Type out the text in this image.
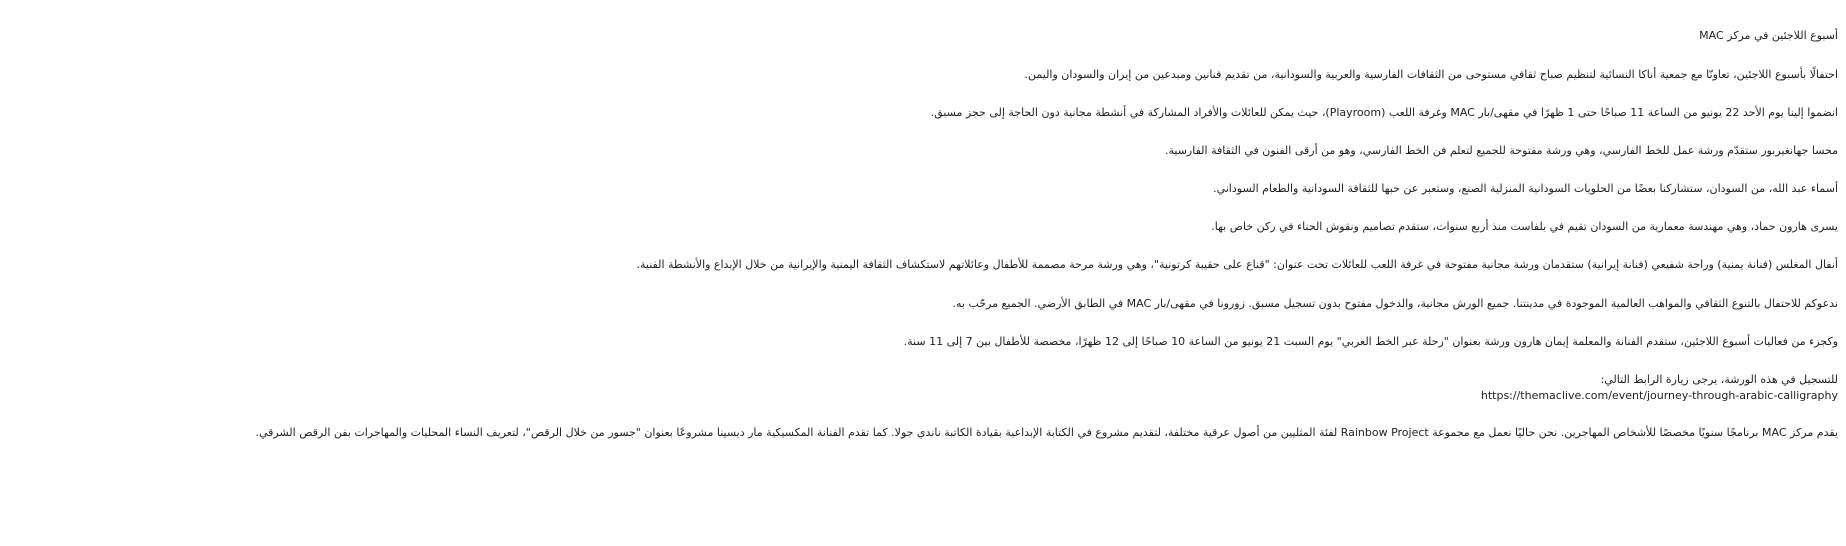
أسبوع اللاجئين في مركز MAC

احتفالًا بأسبوع اللاجئين، تعاونّا مع جمعية أناكا النسائية لتنظيم صباح ثقافي مستوحى من الثقافات الفارسية والعربية والسودانية، من تقديم فنانين ومبدعين من إيران والسودان واليمن.

انضموا إلينا يوم الأحد 22 يونيو من الساعة 11 صباحًا حتى 1 ظهرًا في مقهى/بار MAC وغرفة اللعب (Playroom)، حيث يمكن للعائلات والأفراد المشاركة في أنشطة مجانية دون الحاجة إلى حجز مسبق.

محسا جهانغيربور ستقدّم ورشة عمل للخط الفارسي، وهي ورشة مفتوحة للجميع لتعلم فن الخط الفارسي، وهو من أرقى الفنون في الثقافة الفارسية.

أسماء عبد الله، من السودان، ستشاركنا بعضًا من الحلويات السودانية المنزلية الصنع، وستعبر عن حبها للثقافة السودانية والطعام السوداني.

يسرى هارون حماد، وهي مهندسة معمارية من السودان تقيم في بلفاست منذ أربع سنوات، ستقدم تصاميم ونقوش الحناء في ركن خاص بها.

أنفال المغلس (فنانة يمنية) وراحة شفيعي (فنانة إيرانية) ستقدمان ورشة مجانية مفتوحة في غرفة اللعب للعائلات تحت عنوان: "قناع على حقيبة كرتونية"، وهي ورشة مرحة مصممة للأطفال وعائلاتهم لاستكشاف الثقافة اليمنية والإيرانية من خلال الإبداع والأنشطة الفنية.

ندعوكم للاحتفال بالتنوع الثقافي والمواهب العالمية الموجودة في مدينتنا. جميع الورش مجانية، والدخول مفتوح بدون تسجيل مسبق. زورونا في مقهى/بار MAC في الطابق الأرضي. الجميع مرحّب به.

وكجزء من فعاليات أسبوع اللاجئين، ستقدم الفنانة والمعلمة إيمان هارون ورشة بعنوان "رحلة عبر الخط العربي" يوم السبت 21 يونيو من الساعة 10 صباحًا إلى 12 ظهرًا، مخصصة للأطفال بين 7 إلى 11 سنة.

للتسجيل في هذه الورشة، يرجى زيارة الرابط التالي:

https://themaclive.com/event/journey-through-arabic-calligraphy

يقدم مركز MAC برنامجًا سنويًا مخصصًا للأشخاص المهاجرين. نحن حاليًا نعمل مع مجموعة Rainbow Project لفئة المثليين من أصول عرقية مختلفة، لتقديم مشروع في الكتابة الإبداعية بقيادة الكاتبة ناندي جولا. كما تقدم الفنانة المكسيكية مار ديسينا مشروعًا بعنوان "جسور من خلال الرقص"، لتعريف النساء المحليات والمهاجرات بفن الرقص الشرقي.
